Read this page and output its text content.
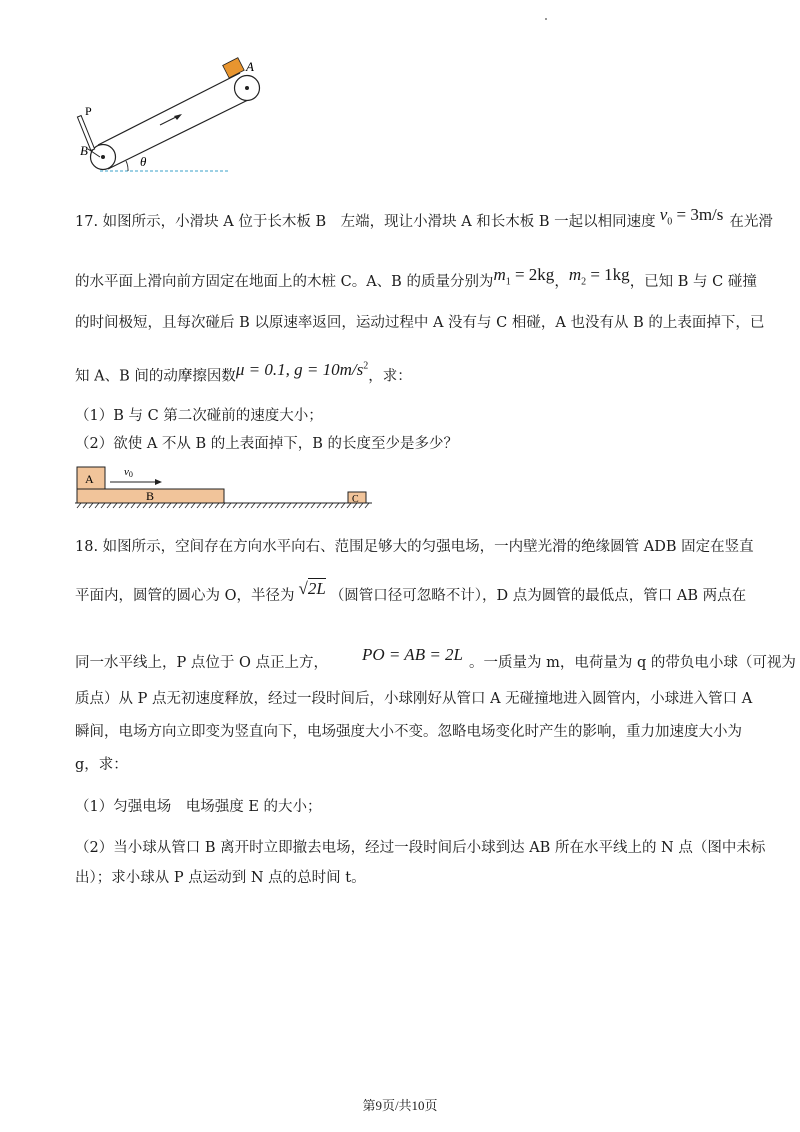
B
P
A
θ
17. 如图所示，小滑块 A 位于长木板 B　左端，现让小滑块 A 和长木板 B 一起以相同速度 $v_0 = 3m/s$ 在光滑
的水平面上滑向前方固定在地面上的木桩 C。A、B 的质量分别为$m_1 = 2kg$，$m_2 = 1kg$，已知 B 与 C 碰撞
的时间极短，且每次碰后 B 以原速率返回，运动过程中 A 没有与 C 相碰，A 也没有从 B 的上表面掉下，已
知 A、B 间的动摩擦因数μ = 0.1, $g = 10m/s^2$，求：
（1）B 与 C 第二次碰前的速度大小；
（2）欲使 A 不从 B 的上表面掉下，B 的长度至少是多少？
A
B	C
v0
18. 如图所示，空间存在方向水平向右、范围足够大的匀强电场，一内壁光滑的绝缘圆管 ADB 固定在竖直
平面内，圆管的圆心为 O，半径为 √2L （圆管口径可忽略不计），D 点为圆管的最低点，管口 AB 两点在
同一水平线上，P 点位于 O 点正上方， PO = AB = 2L 。一质量为 m，电荷量为 q 的带负电小球（可视为
质点）从 P 点无初速度释放，经过一段时间后，小球刚好从管口 A 无碰撞地进入圆管内，小球进入管口 A
瞬间，电场方向立即变为竖直向下，电场强度大小不变。忽略电场变化时产生的影响，重力加速度大小为
g，求：
（1）匀强电场　电场强度 E 的大小；
（2）当小球从管口 B 离开时立即撤去电场，经过一段时间后小球到达 AB 所在水平线上的 N 点（图中未标
出）；求小球从 P 点运动到 N 点的总时间 t。
第9页/共10页
